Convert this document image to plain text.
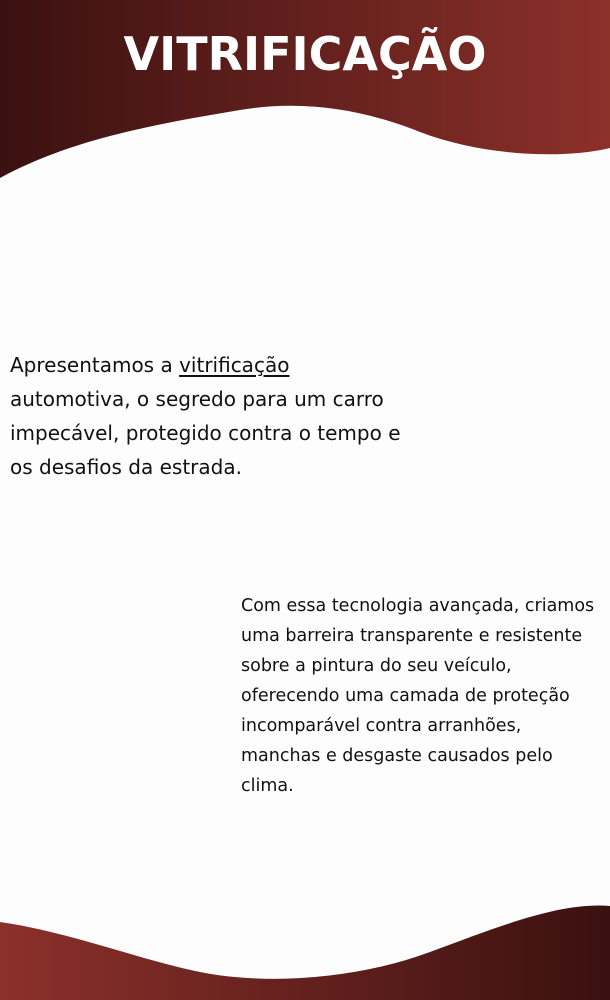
VITRIFICAÇÃO

Apresentamos a vitrificação automotiva, o segredo para um carro impecável, protegido contra o tempo e os desafios da estrada.

Com essa tecnologia avançada, criamos uma barreira transparente e resistente sobre a pintura do seu veículo, oferecendo uma camada de proteção incomparável contra arranhões, manchas e desgaste causados pelo clima.
